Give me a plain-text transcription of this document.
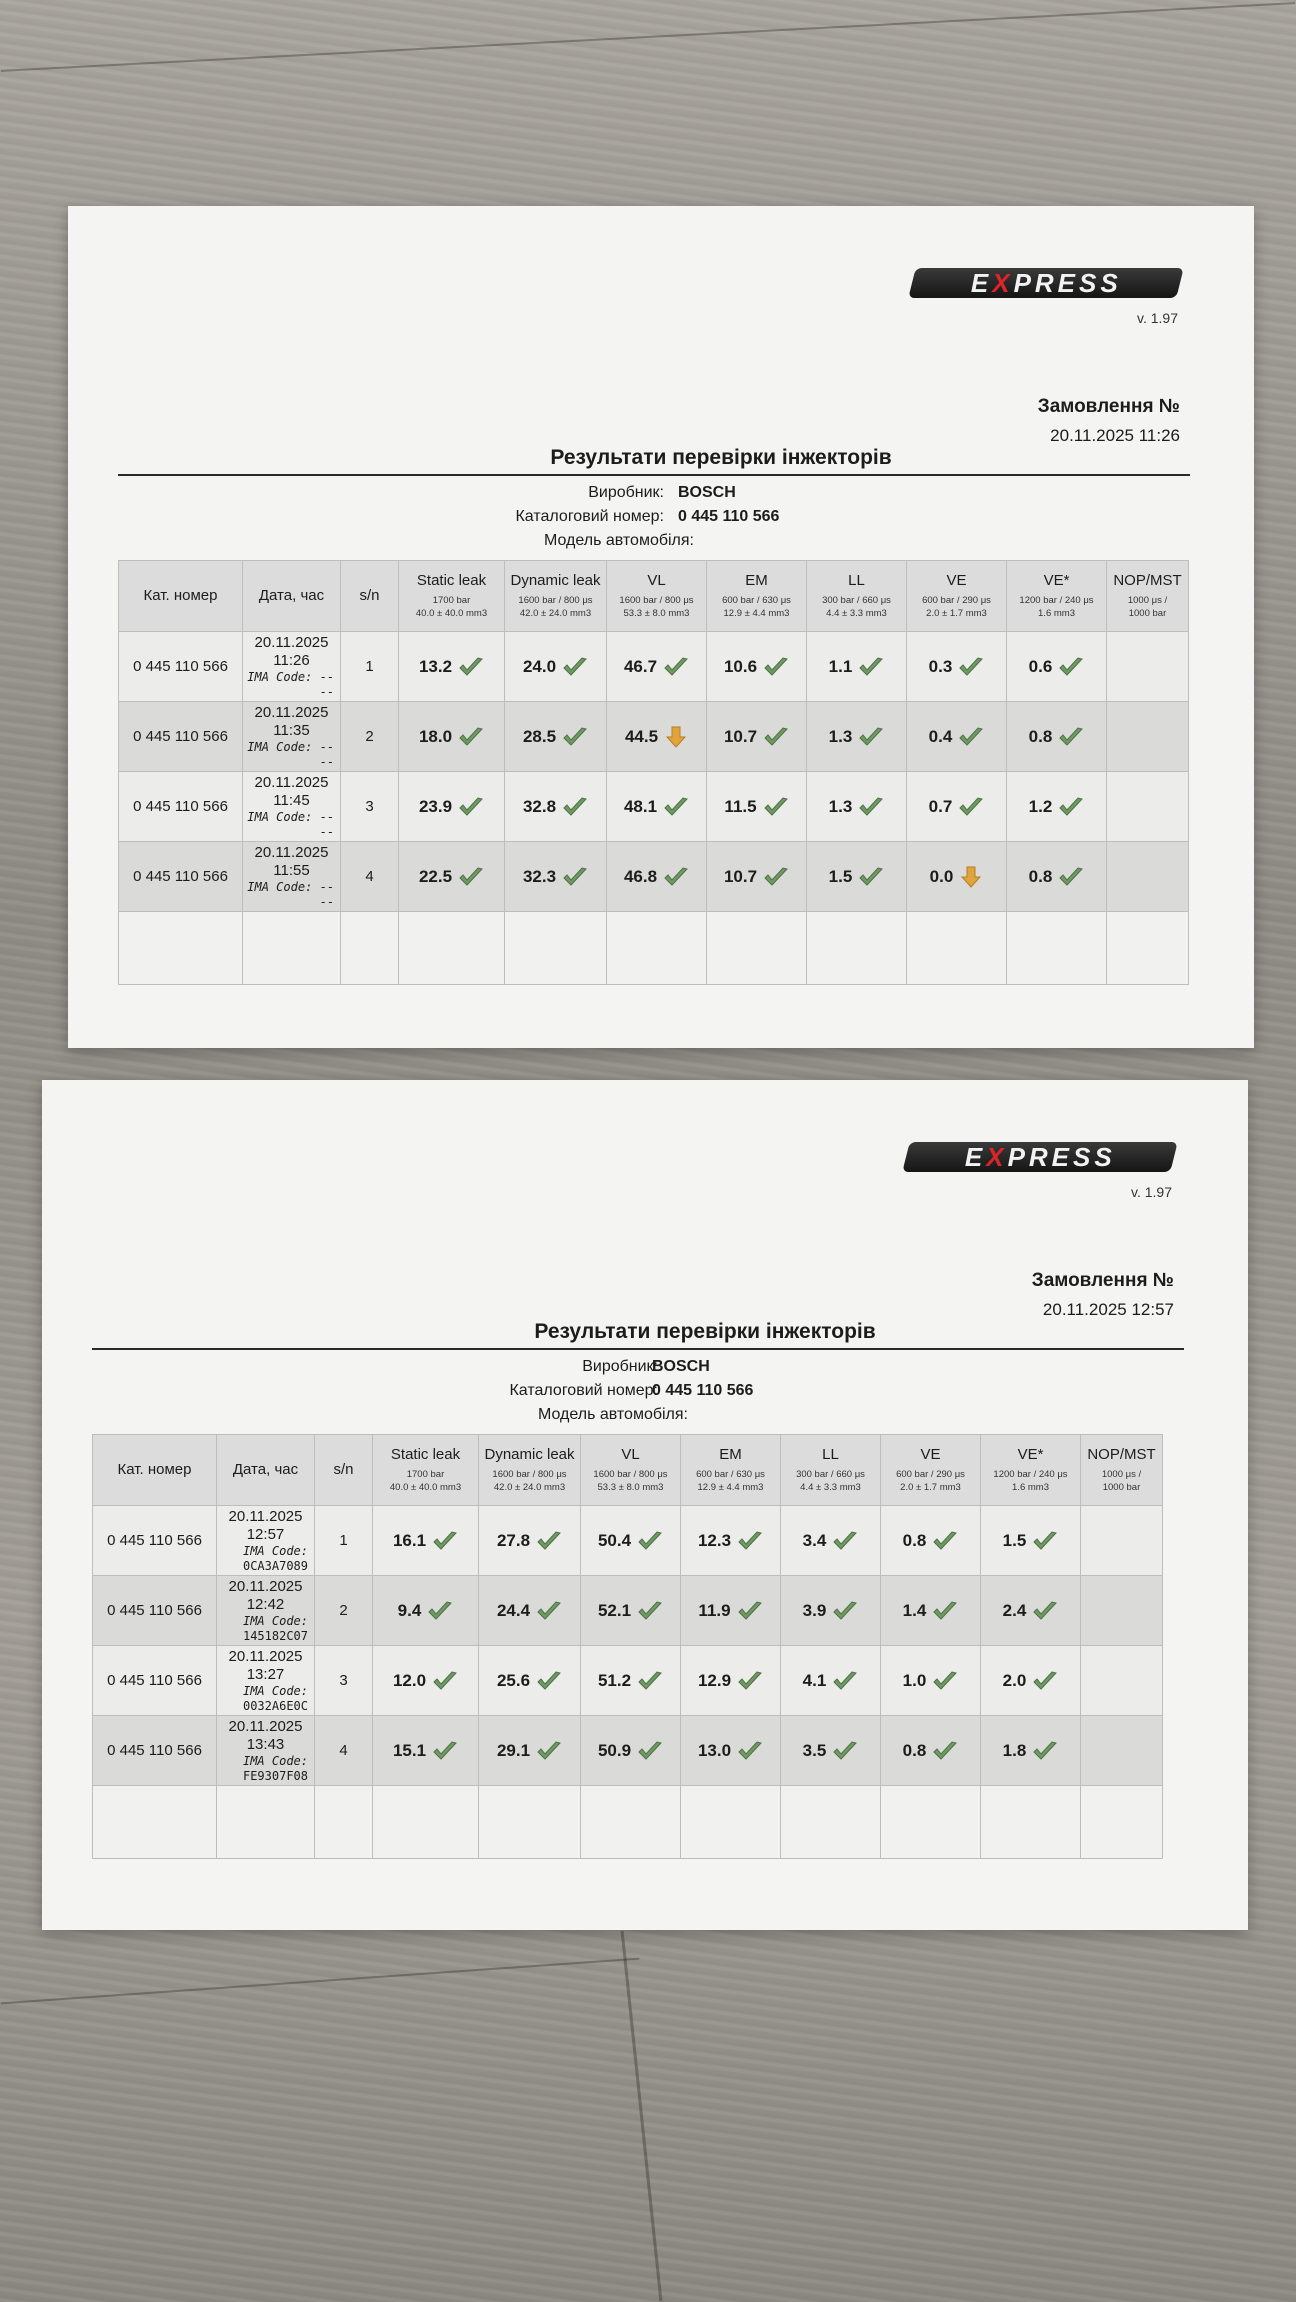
EXPRESS
v. 1.97
Замовлення №
20.11.2025 11:26
Результати перевірки інжекторів
Виробник: BOSCH
Каталоговий номер: 0 445 110 566
Модель автомобіля:
Кат. номер	Дата, час	s/n	Static leak
1700 bar
40.0 ± 40.0 mm3	Dynamic leak
1600 bar / 800 μs
42.0 ± 24.0 mm3	VL
1600 bar / 800 μs
53.3 ± 8.0 mm3	EM
600 bar / 630 μs
12.9 ± 4.4 mm3	LL
300 bar / 660 μs
4.4 ± 3.3 mm3	VE
600 bar / 290 μs
2.0 ± 1.7 mm3	VE*
1200 bar / 240 μs
1.6 mm3	NOP/MST
1000 μs /
1000 bar

0 445 110 566	20.11.2025
11:26
IMA Code: ----	1	13.2	24.0	46.7	10.6	1.1	0.3	0.6	

0 445 110 566	20.11.2025
11:35
IMA Code: ----	2	18.0	28.5	44.5	10.7	1.3	0.4	0.8	

0 445 110 566	20.11.2025
11:45
IMA Code: ----	3	23.9	32.8	48.1	11.5	1.3	0.7	1.2	

0 445 110 566	20.11.2025
11:55
IMA Code: ----	4	22.5	32.3	46.8	10.7	1.5	0.0	0.8	

EXPRESS
v. 1.97
Замовлення №
20.11.2025 12:57
Результати перевірки інжекторів
Виробник:
BOSCH
Каталоговий номер:
0 445 110 566
Модель автомобіля:
Кат. номер	Дата, час	s/n	Static leak
1700 bar
40.0 ± 40.0 mm3	Dynamic leak
1600 bar / 800 μs
42.0 ± 24.0 mm3	VL
1600 bar / 800 μs
53.3 ± 8.0 mm3	EM
600 bar / 630 μs
12.9 ± 4.4 mm3	LL
300 bar / 660 μs
4.4 ± 3.3 mm3	VE
600 bar / 290 μs
2.0 ± 1.7 mm3	VE*
1200 bar / 240 μs
1.6 mm3	NOP/MST
1000 μs /
1000 bar

0 445 110 566	20.11.2025
12:57
IMA Code: 0CA3A7089	1	16.1	27.8	50.4	12.3	3.4	0.8	1.5	

0 445 110 566	20.11.2025
12:42
IMA Code: 145182C07	2	9.4	24.4	52.1	11.9	3.9	1.4	2.4	

0 445 110 566	20.11.2025
13:27
IMA Code: 0032A6E0C	3	12.0	25.6	51.2	12.9	4.1	1.0	2.0	

0 445 110 566	20.11.2025
13:43
IMA Code: FE9307F08	4	15.1	29.1	50.9	13.0	3.5	0.8	1.8	
